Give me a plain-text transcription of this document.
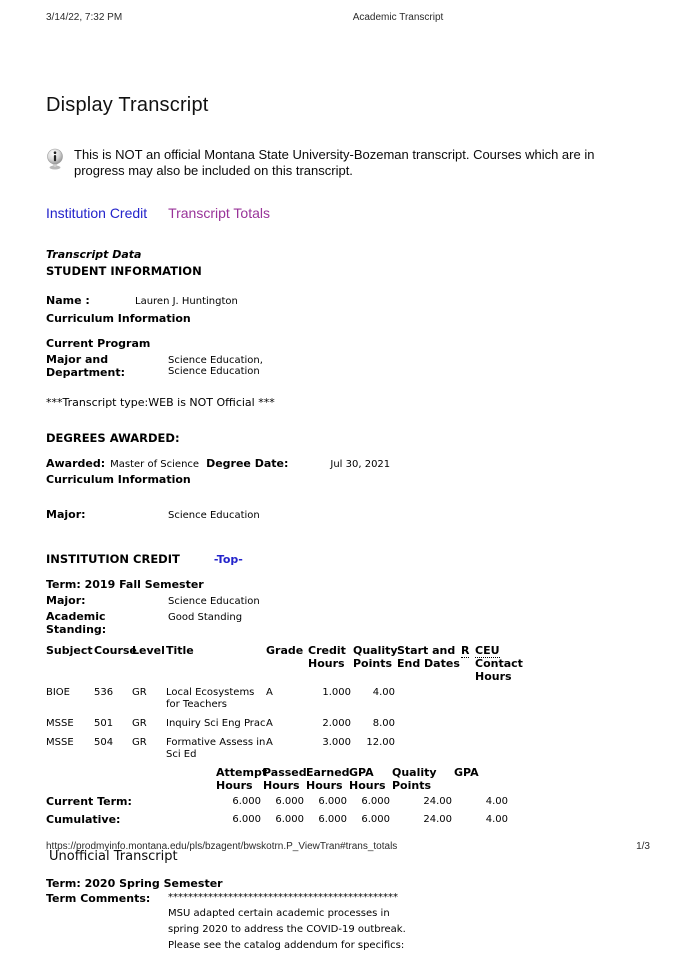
3/14/22, 7:32 PM	Academic Transcript
Display Transcript
This is NOT an official Montana State University-Bozeman transcript. Courses which are in progress may also be included on this transcript.
Institution Credit Transcript Totals
Transcript Data
STUDENT INFORMATION
Name :	Lauren J. Huntington
Curriculum Information
Current Program
Major and Department:
Science Education,
Science Education
***Transcript type:WEB is NOT Official ***
DEGREES AWARDED:
Awarded: Master of Science Degree Date:	Jul 30, 2021
Curriculum Information
Major:	Science Education
INSTITUTION CREDIT	-Top-
Term: 2019 Fall Semester
Major:	Science Education
Academic Standing:
Good Standing
Subject	Course	Level	Title	Grade	Credit Hours	Quality Points	Start and End Dates	R	CEU Contact Hours
BIOE	536	GR	Local Ecosystems for Teachers	A	1.000	4.00			
MSSE	501	GR	Inquiry Sci Eng Prac	A	2.000	8.00			
MSSE	504	GR	Formative Assess in Sci Ed	A	3.000	12.00			
	Attempt Hours	Passed Hours	Earned Hours	GPA Hours	Quality Points	GPA
Current Term:	6.000	6.000	6.000	6.000	24.00	4.00
Cumulative:	6.000	6.000	6.000	6.000	24.00	4.00
Unofficial Transcript
Term: 2020 Spring Semester
Term Comments:	**********************************************
MSU adapted certain academic processes in
spring 2020 to address the COVID-19 outbreak.
Please see the catalog addendum for specifics:
https://prodmyinfo.montana.edu/pls/bzagent/bwskotrn.P_ViewTran#trans_totals	1/3
